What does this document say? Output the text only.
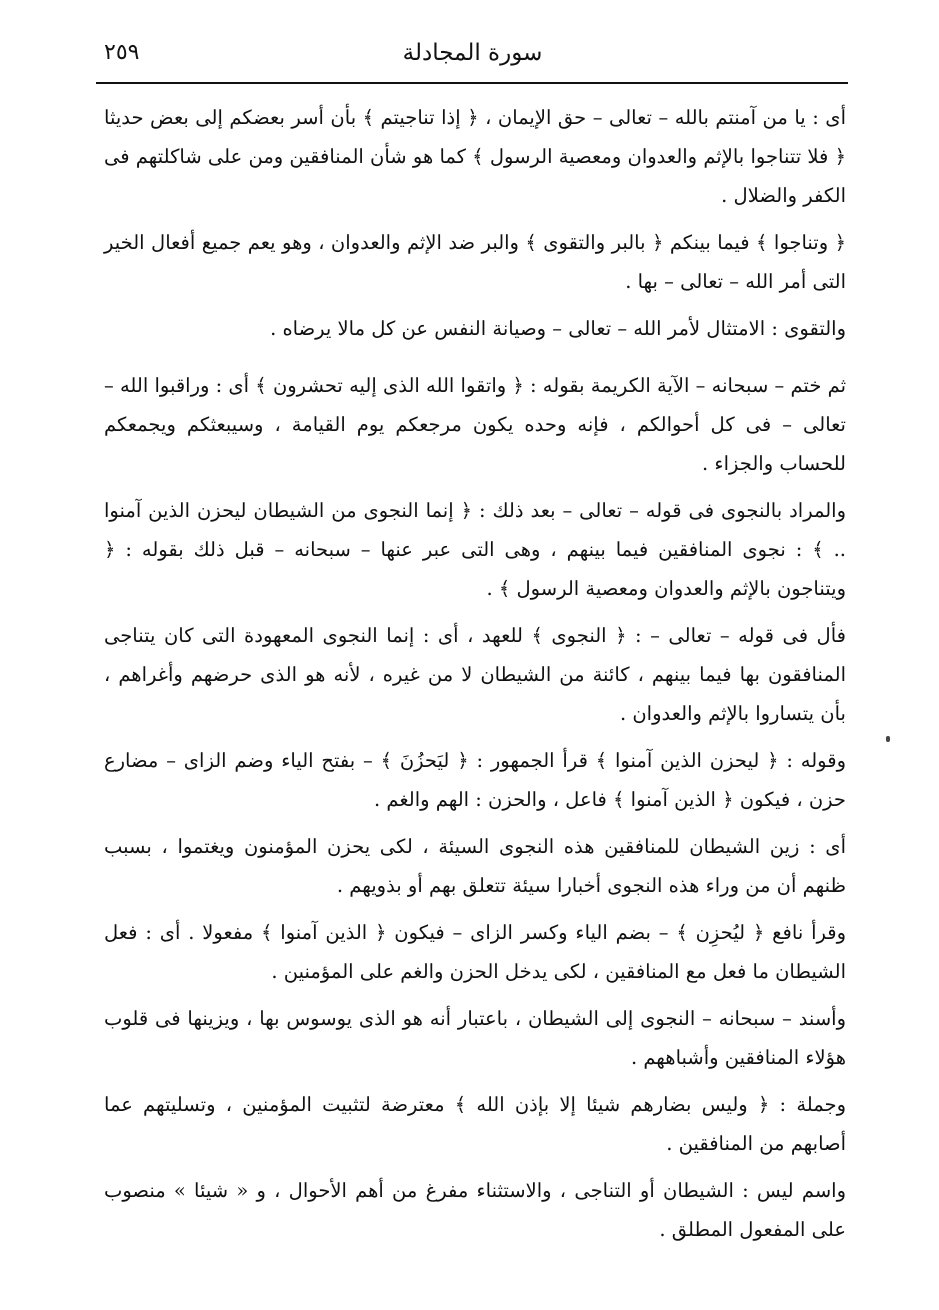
٢٥٩	سورة المجادلة

أى : يا من آمنتم بالله – تعالى – حق الإيمان ، ﴿ إذا تناجيتم ﴾ بأن أسر بعضكم إلى بعض حديثا ﴿ فلا تتناجوا بالإثم والعدوان ومعصية الرسول ﴾ كما هو شأن المنافقين ومن على شاكلتهم فى الكفر والضلال .

﴿ وتناجوا ﴾ فيما بينكم ﴿ بالبر والتقوى ﴾ والبر ضد الإثم والعدوان ، وهو يعم جميع أفعال الخير التى أمر الله – تعالى – بها .

والتقوى : الامتثال لأمر الله – تعالى – وصيانة النفس عن كل مالا يرضاه .

ثم ختم – سبحانه – الآية الكريمة بقوله : ﴿ واتقوا الله الذى إليه تحشرون ﴾ أى : وراقبوا الله – تعالى – فى كل أحوالكم ، فإنه وحده يكون مرجعكم يوم القيامة ، وسيبعثكم ويجمعكم للحساب والجزاء .

والمراد بالنجوى فى قوله – تعالى – بعد ذلك : ﴿ إنما النجوى من الشيطان ليحزن الذين آمنوا .. ﴾ : نجوى المنافقين فيما بينهم ، وهى التى عبر عنها – سبحانه – قبل ذلك بقوله : ﴿ ويتناجون بالإثم والعدوان ومعصية الرسول ﴾ .

فأل فى قوله – تعالى – : ﴿ النجوى ﴾ للعهد ، أى : إنما النجوى المعهودة التى كان يتناجى المنافقون بها فيما بينهم ، كائنة من الشيطان لا من غيره ، لأنه هو الذى حرضهم وأغراهم ، بأن يتساروا بالإثم والعدوان .

وقوله : ﴿ ليحزن الذين آمنوا ﴾ قرأ الجمهور : ﴿ ليَحزُنَ ﴾ – بفتح الياء وضم الزاى – مضارع حزن ، فيكون ﴿ الذين آمنوا ﴾ فاعل ، والحزن : الهم والغم .

أى : زين الشيطان للمنافقين هذه النجوى السيئة ، لكى يحزن المؤمنون ويغتموا ، بسبب ظنهم أن من وراء هذه النجوى أخبارا سيئة تتعلق بهم أو بذويهم .

وقرأ نافع ﴿ ليُحزِن ﴾ – بضم الياء وكسر الزاى – فيكون ﴿ الذين آمنوا ﴾ مفعولا . أى : فعل الشيطان ما فعل مع المنافقين ، لكى يدخل الحزن والغم على المؤمنين .

وأسند – سبحانه – النجوى إلى الشيطان ، باعتبار أنه هو الذى يوسوس بها ، ويزينها فى قلوب هؤلاء المنافقين وأشباههم .

وجملة : ﴿ وليس بضارهم شيئا إلا بإذن الله ﴾ معترضة لتثبيت المؤمنين ، وتسليتهم عما أصابهم من المنافقين .

واسم ليس : الشيطان أو التناجى ، والاستثناء مفرغ من أهم الأحوال ، و « شيئا » منصوب على المفعول المطلق .
